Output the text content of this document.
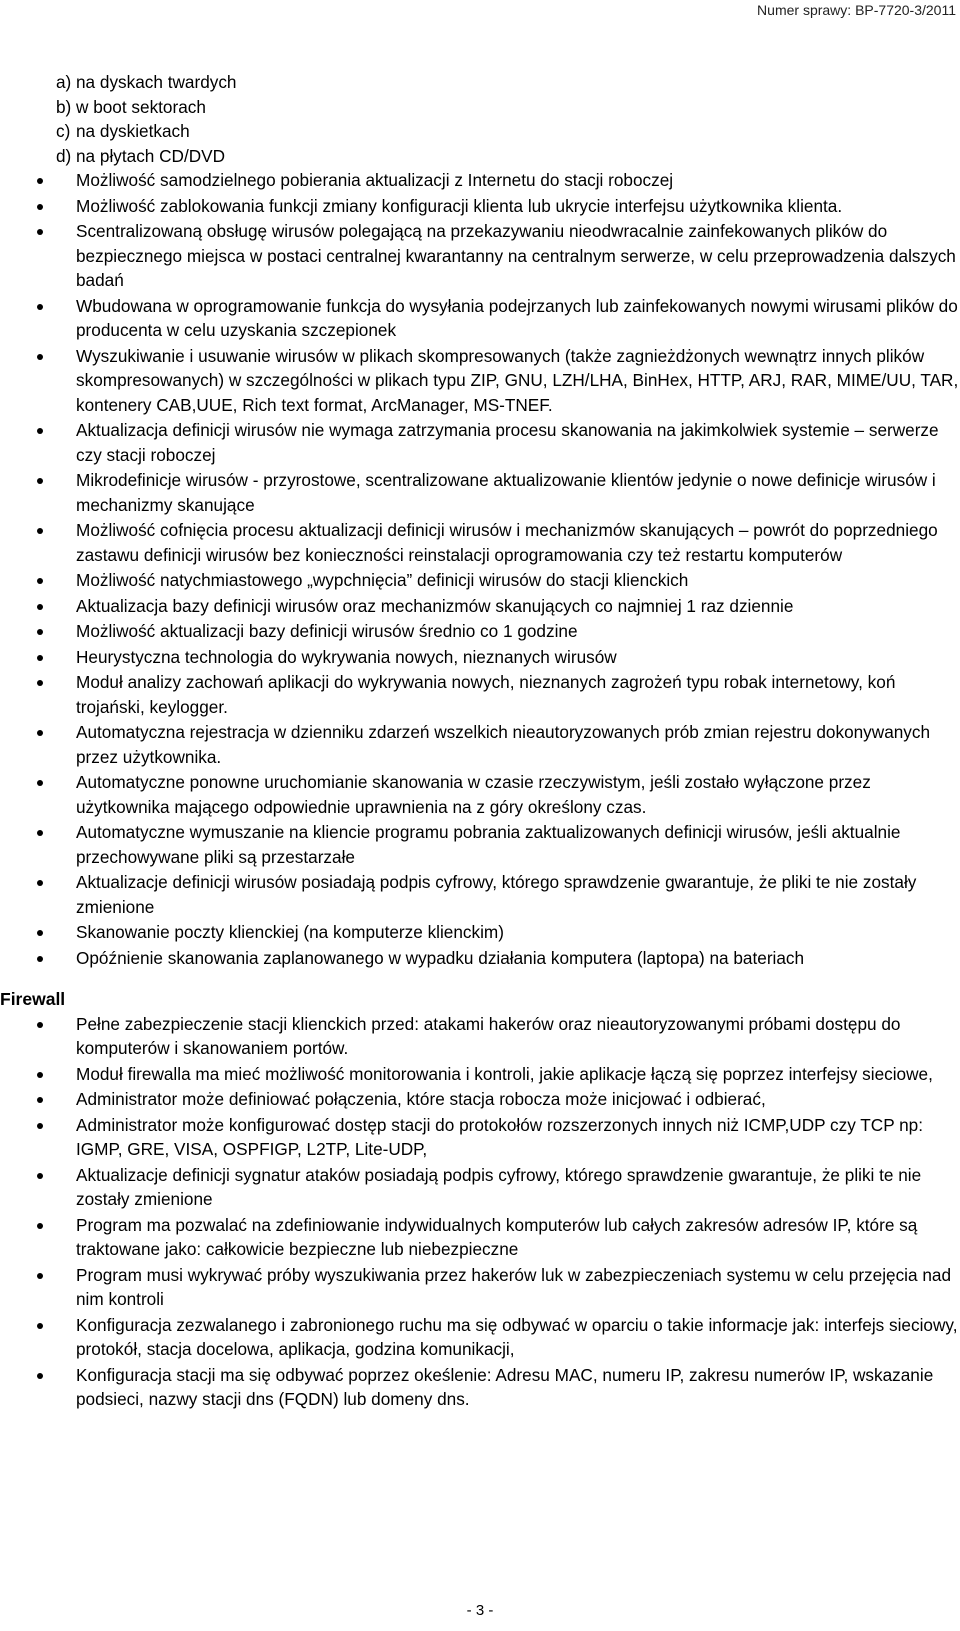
Numer sprawy: BP-7720-3/2011
a) na dyskach twardych
b) w boot sektorach
c) na dyskietkach
d) na płytach CD/DVD
Możliwość samodzielnego pobierania aktualizacji z Internetu do stacji roboczej
Możliwość zablokowania funkcji zmiany konfiguracji klienta lub ukrycie interfejsu użytkownika klienta.
Scentralizowaną obsługę wirusów polegającą na przekazywaniu nieodwracalnie zainfekowanych plików do bezpiecznego miejsca w postaci centralnej kwarantanny na centralnym serwerze, w celu przeprowadzenia dalszych badań
Wbudowana w oprogramowanie funkcja do wysyłania podejrzanych lub zainfekowanych nowymi wirusami plików do producenta w celu uzyskania szczepionek
Wyszukiwanie i usuwanie wirusów w plikach skompresowanych (także zagnieżdżonych wewnątrz innych plików skompresowanych) w szczególności w plikach typu ZIP, GNU, LZH/LHA, BinHex, HTTP, ARJ, RAR, MIME/UU, TAR, kontenery CAB,UUE, Rich text format, ArcManager, MS-TNEF.
Aktualizacja definicji wirusów nie wymaga zatrzymania procesu skanowania na jakimkolwiek systemie – serwerze czy stacji roboczej
Mikrodefinicje wirusów - przyrostowe, scentralizowane aktualizowanie klientów jedynie o nowe definicje wirusów i mechanizmy skanujące
Możliwość cofnięcia procesu aktualizacji definicji wirusów i mechanizmów skanujących – powrót do poprzedniego zastawu definicji wirusów bez konieczności reinstalacji oprogramowania czy też restartu komputerów
Możliwość natychmiastowego „wypchnięcia” definicji wirusów do stacji klienckich
Aktualizacja bazy definicji wirusów oraz mechanizmów skanujących co najmniej 1 raz dziennie
Możliwość aktualizacji bazy definicji wirusów średnio co 1 godzine
Heurystyczna technologia do wykrywania nowych, nieznanych wirusów
Moduł analizy zachowań aplikacji do wykrywania nowych, nieznanych zagrożeń typu robak internetowy, koń trojański, keylogger.
Automatyczna rejestracja w dzienniku zdarzeń wszelkich nieautoryzowanych prób zmian rejestru dokonywanych przez użytkownika.
Automatyczne ponowne uruchomianie skanowania w czasie rzeczywistym, jeśli zostało wyłączone przez użytkownika mającego odpowiednie uprawnienia na z góry określony czas.
Automatyczne wymuszanie na kliencie programu pobrania zaktualizowanych definicji wirusów, jeśli aktualnie przechowywane pliki są przestarzałe
Aktualizacje definicji wirusów posiadają podpis cyfrowy, którego sprawdzenie gwarantuje, że pliki te nie zostały zmienione
Skanowanie poczty klienckiej (na komputerze klienckim)
Opóźnienie skanowania zaplanowanego w wypadku działania komputera (laptopa) na bateriach
Firewall
Pełne zabezpieczenie stacji klienckich przed: atakami hakerów oraz nieautoryzowanymi próbami dostępu do komputerów i skanowaniem portów.
Moduł firewalla ma mieć możliwość monitorowania i kontroli, jakie aplikacje łączą się poprzez interfejsy sieciowe,
Administrator może definiować połączenia, które stacja robocza może inicjować i odbierać,
Administrator może konfigurować dostęp stacji do protokołów rozszerzonych innych niż ICMP,UDP czy TCP np: IGMP, GRE, VISA, OSPFIGP, L2TP, Lite-UDP,
Aktualizacje definicji sygnatur ataków posiadają podpis cyfrowy, którego sprawdzenie gwarantuje, że pliki te nie zostały zmienione
Program ma pozwalać na zdefiniowanie indywidualnych komputerów lub całych zakresów adresów IP, które są traktowane jako: całkowicie bezpieczne lub niebezpieczne
Program musi wykrywać próby wyszukiwania przez hakerów luk w zabezpieczeniach systemu w celu przejęcia nad nim kontroli
Konfiguracja zezwalanego i zabronionego ruchu ma się odbywać w oparciu o takie informacje jak: interfejs sieciowy, protokół, stacja docelowa, aplikacja, godzina komunikacji,
Konfiguracja stacji ma się odbywać poprzez okeślenie: Adresu MAC, numeru IP, zakresu numerów IP, wskazanie podsieci, nazwy stacji dns (FQDN) lub domeny dns.
- 3 -
